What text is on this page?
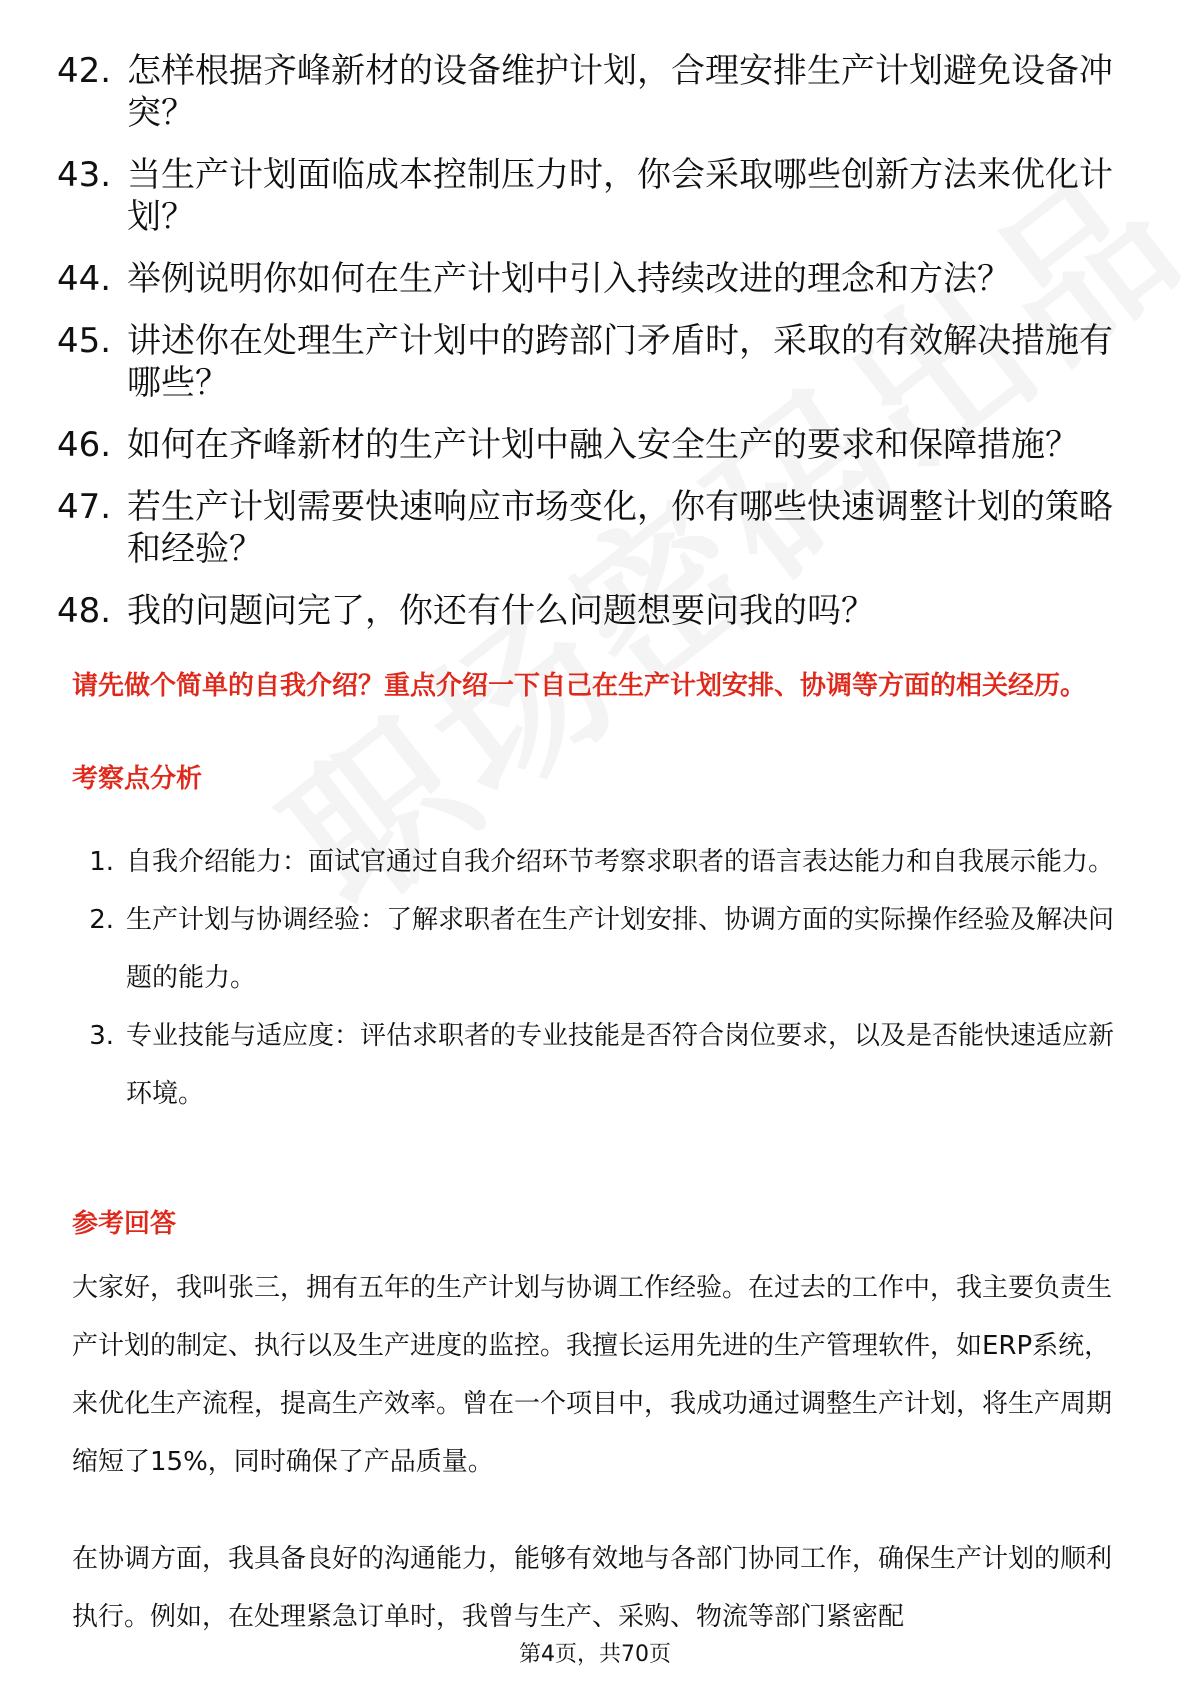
42. 怎样根据齐峰新材的设备维护计划，合理安排生产计划避免设备冲突？
43. 当生产计划面临成本控制压力时，你会采取哪些创新方法来优化计划？
44. 举例说明你如何在生产计划中引入持续改进的理念和方法？
45. 讲述你在处理生产计划中的跨部门矛盾时，采取的有效解决措施有哪些？
46. 如何在齐峰新材的生产计划中融入安全生产的要求和保障措施？
47. 若生产计划需要快速响应市场变化，你有哪些快速调整计划的策略和经验？
48. 我的问题问完了，你还有什么问题想要问我的吗？
请先做个简单的自我介绍？重点介绍一下自己在生产计划安排、协调等方面的相关经历。
考察点分析
1. 自我介绍能力：面试官通过自我介绍环节考察求职者的语言表达能力和自我展示能力。
2. 生产计划与协调经验：了解求职者在生产计划安排、协调方面的实际操作经验及解决问题的能力。
3. 专业技能与适应度：评估求职者的专业技能是否符合岗位要求，以及是否能快速适应新环境。
参考回答
大家好，我叫张三，拥有五年的生产计划与协调工作经验。在过去的工作中，我主要负责生产计划的制定、执行以及生产进度的监控。我擅长运用先进的生产管理软件，如ERP系统，来优化生产流程，提高生产效率。曾在一个项目中，我成功通过调整生产计划，将生产周期缩短了15%，同时确保了产品质量。
在协调方面，我具备良好的沟通能力，能够有效地与各部门协同工作，确保生产计划的顺利执行。例如，在处理紧急订单时，我曾与生产、采购、物流等部门紧密配
第4页，共70页
